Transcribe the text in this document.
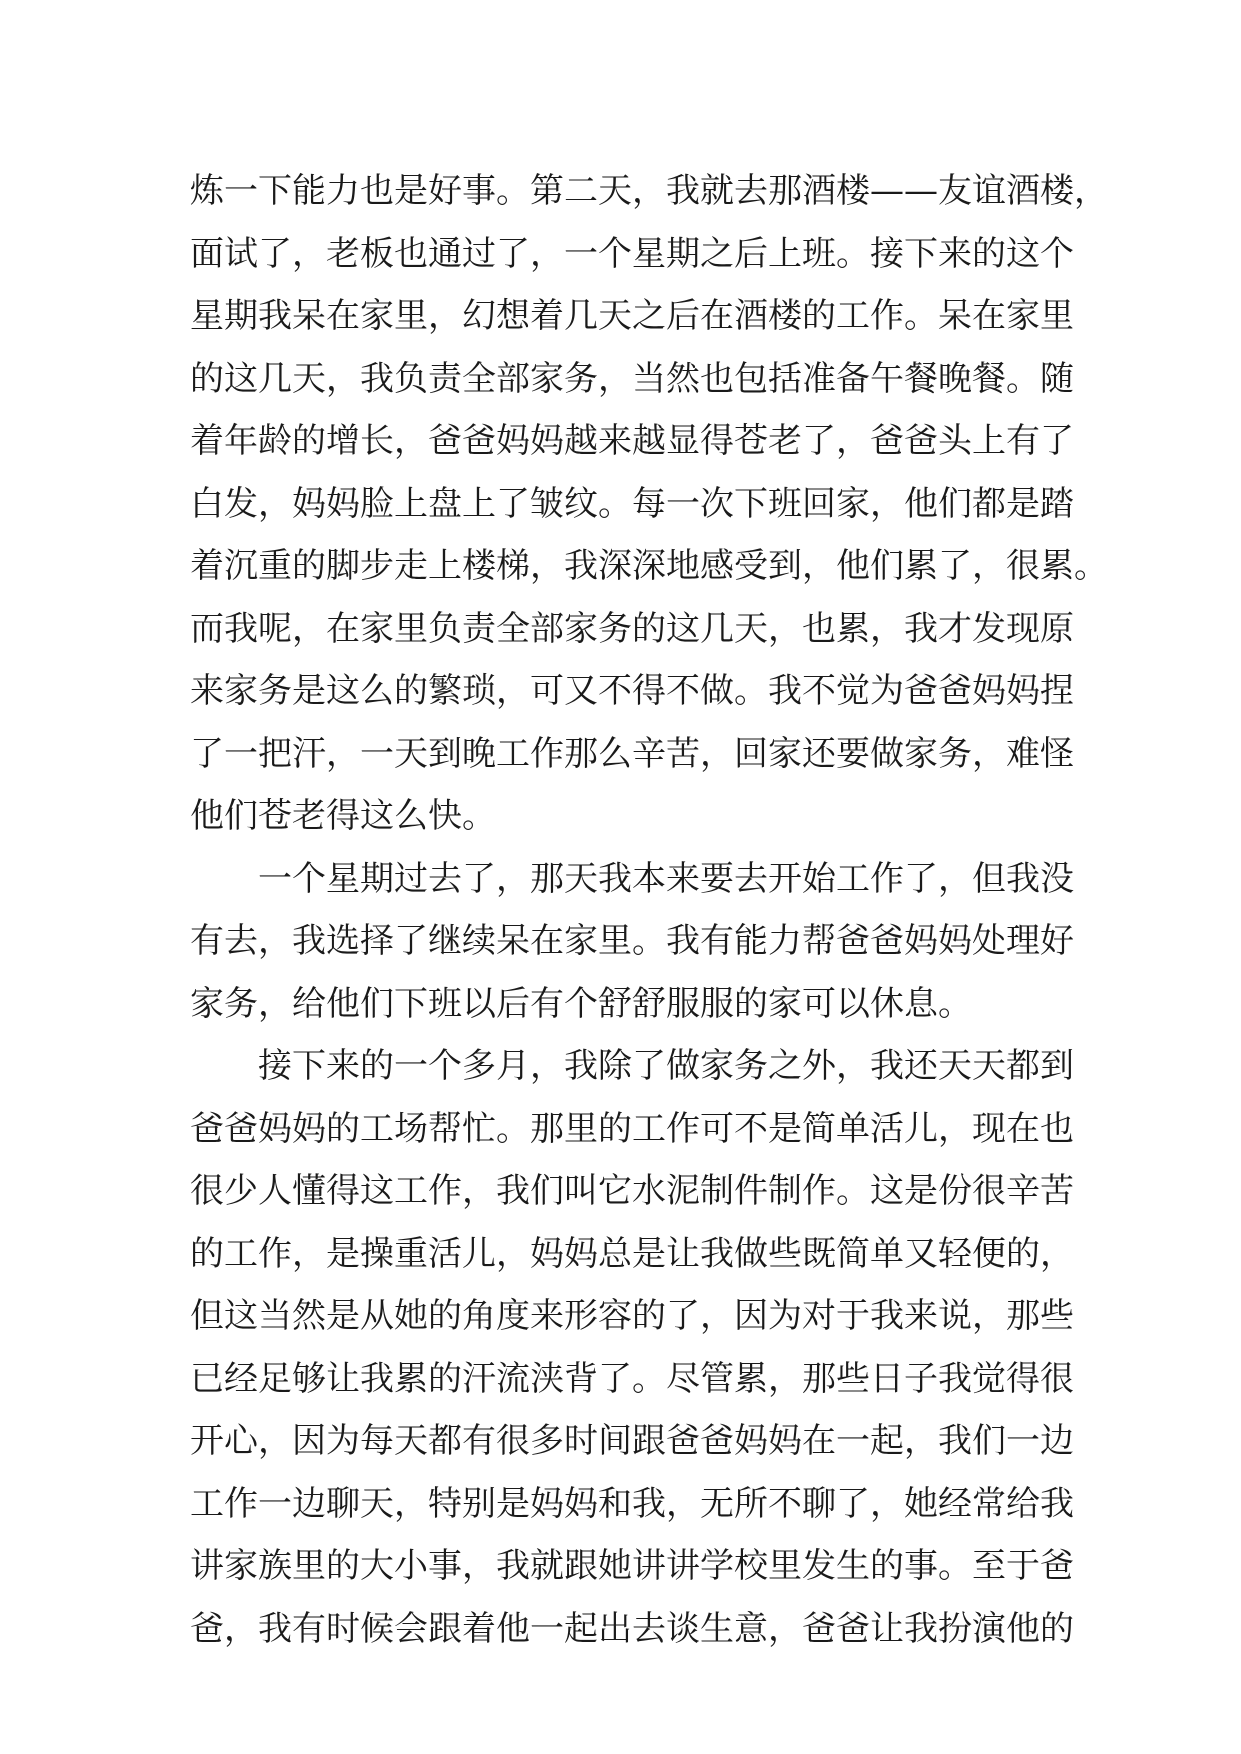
炼一下能力也是好事。第二天，我就去那酒楼——友谊酒楼，
面试了，老板也通过了，一个星期之后上班。接下来的这个
星期我呆在家里，幻想着几天之后在酒楼的工作。呆在家里
的这几天，我负责全部家务，当然也包括准备午餐晚餐。随
着年龄的增长，爸爸妈妈越来越显得苍老了，爸爸头上有了
白发，妈妈脸上盘上了皱纹。每一次下班回家，他们都是踏
着沉重的脚步走上楼梯，我深深地感受到，他们累了，很累。
而我呢，在家里负责全部家务的这几天，也累，我才发现原
来家务是这么的繁琐，可又不得不做。我不觉为爸爸妈妈捏
了一把汗，一天到晚工作那么辛苦，回家还要做家务，难怪
他们苍老得这么快。
一个星期过去了，那天我本来要去开始工作了，但我没
有去，我选择了继续呆在家里。我有能力帮爸爸妈妈处理好
家务，给他们下班以后有个舒舒服服的家可以休息。
接下来的一个多月，我除了做家务之外，我还天天都到
爸爸妈妈的工场帮忙。那里的工作可不是简单活儿，现在也
很少人懂得这工作，我们叫它水泥制件制作。这是份很辛苦
的工作，是操重活儿，妈妈总是让我做些既简单又轻便的，
但这当然是从她的角度来形容的了，因为对于我来说，那些
已经足够让我累的汗流浃背了。尽管累，那些日子我觉得很
开心，因为每天都有很多时间跟爸爸妈妈在一起，我们一边
工作一边聊天，特别是妈妈和我，无所不聊了，她经常给我
讲家族里的大小事，我就跟她讲讲学校里发生的事。至于爸
爸，我有时候会跟着他一起出去谈生意，爸爸让我扮演他的
